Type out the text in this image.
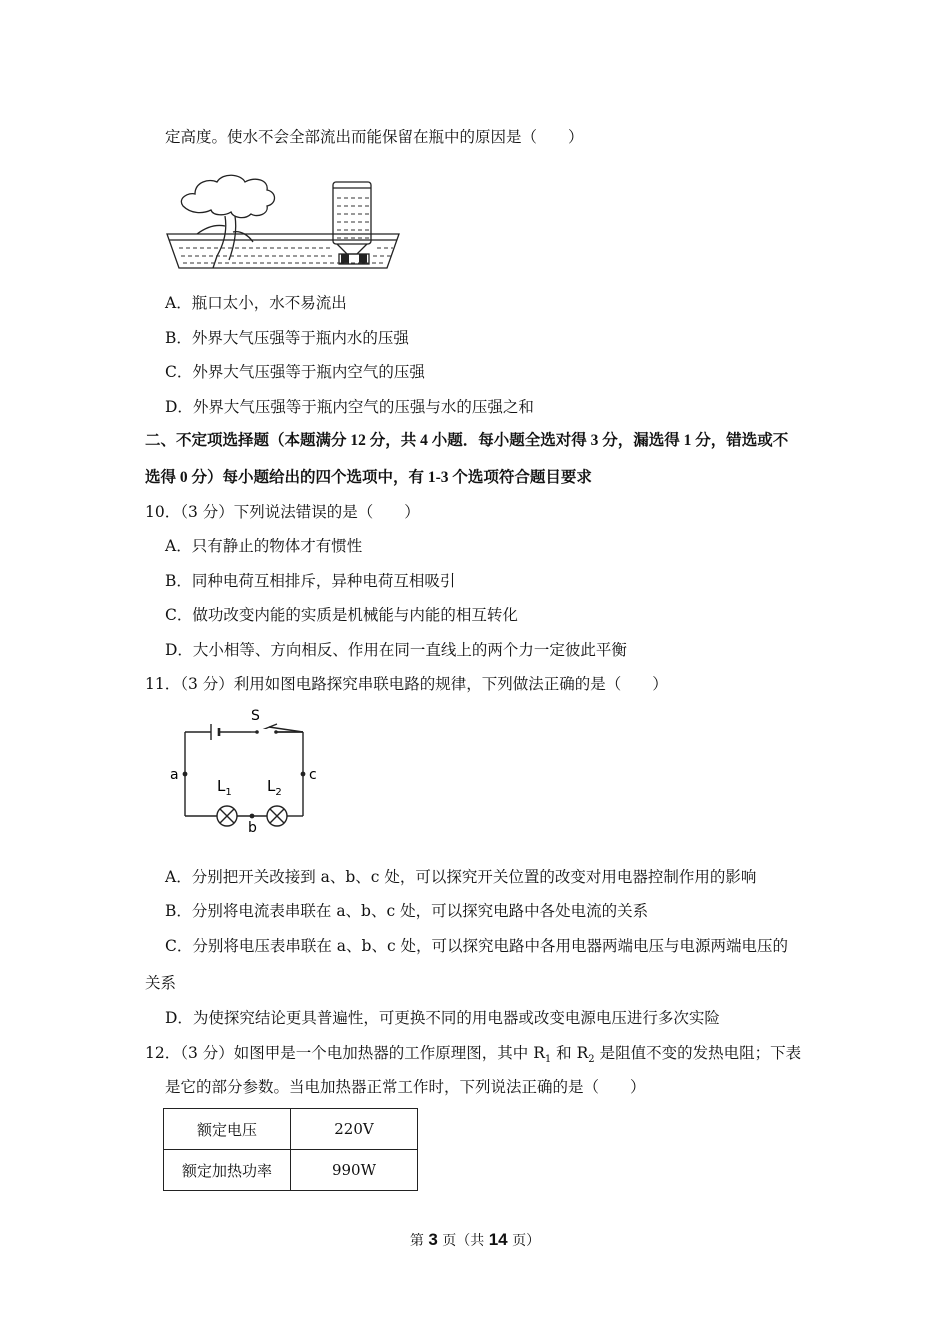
定高度。使水不会全部流出而能保留在瓶中的原因是（　　）
A．瓶口太小，水不易流出
B．外界大气压强等于瓶内水的压强
C．外界大气压强等于瓶内空气的压强
D．外界大气压强等于瓶内空气的压强与水的压强之和
二、不定项选择题（本题满分 12 分，共 4 小题．每小题全选对得 3 分，漏选得 1 分，错选或不
选得 0 分）每小题给出的四个选项中，有 1-3 个选项符合题目要求
10．（3 分）下列说法错误的是（　　）
A．只有静止的物体才有惯性
B．同种电荷互相排斥，异种电荷互相吸引
C．做功改变内能的实质是机械能与内能的相互转化
D．大小相等、方向相反、作用在同一直线上的两个力一定彼此平衡
11．（3 分）利用如图电路探究串联电路的规律，下列做法正确的是（　　）
S
a	c
b
$L_1$ $L_2$
A．分别把开关改接到 a、b、c 处，可以探究开关位置的改变对用电器控制作用的影响
B．分别将电流表串联在 a、b、c 处，可以探究电路中各处电流的关系
C．分别将电压表串联在 a、b、c 处，可以探究电路中各用电器两端电压与电源两端电压的
关系
D．为使探究结论更具普遍性，可更换不同的用电器或改变电源电压进行多次实险
12．（3 分）如图甲是一个电加热器的工作原理图，其中 $R_1$ 和 $R_2$ 是阻值不变的发热电阻；下表
是它的部分参数。当电加热器正常工作时，下列说法正确的是（　　）
额定电压	220V
额定加热功率	990W
第 3 页（共 14 页）
